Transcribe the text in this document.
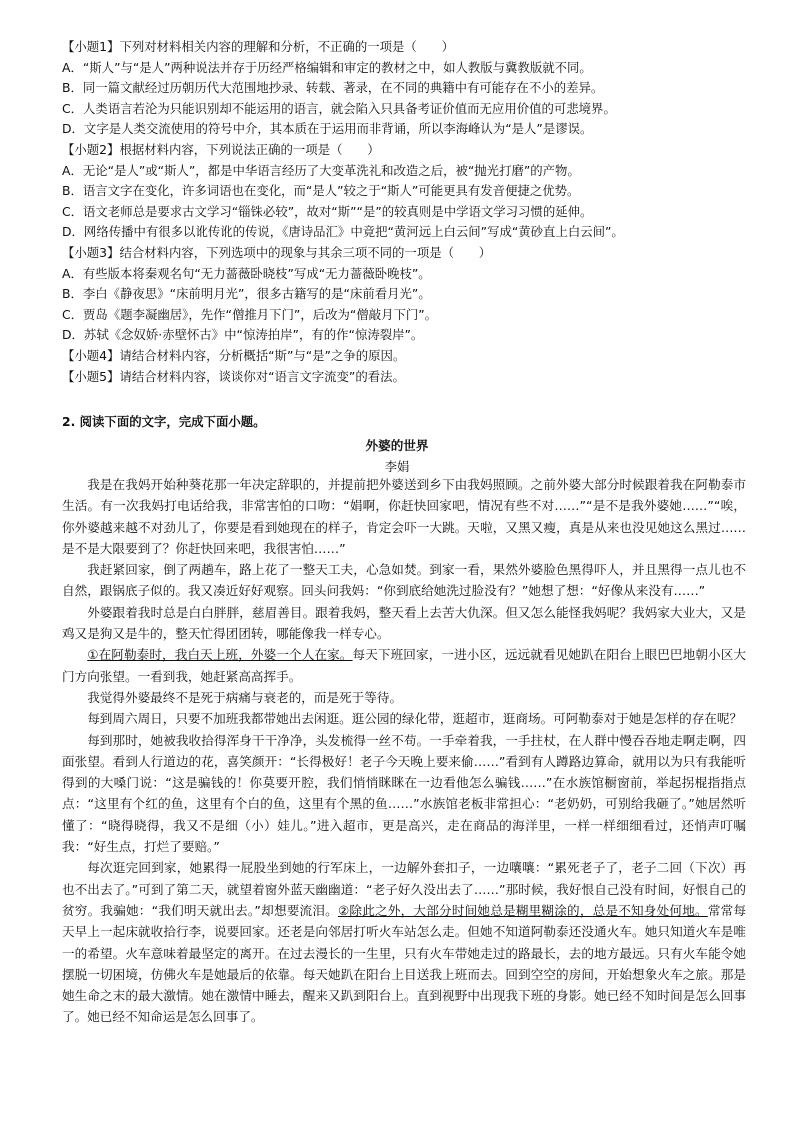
【小题1】下列对材料相关内容的理解和分析，不正确的一项是（　　）
A．“斯人”与“是人”两种说法并存于历经严格编辑和审定的教材之中，如人教版与冀教版就不同。
B．同一篇文献经过历朝历代大范围地抄录、转载、著录，在不同的典籍中有可能存在不小的差异。
C．人类语言若沦为只能识别却不能运用的语言，就会陷入只具备考证价值而无应用价值的可悲境界。
D．文字是人类交流使用的符号中介，其本质在于运用而非背诵，所以李海峰认为“是人”是谬误。
【小题2】根据材料内容，下列说法正确的一项是（　　）
A．无论“是人”或“斯人”，都是中华语言经历了大变革洗礼和改造之后，被“抛光打磨”的产物。
B．语言文字在变化，许多词语也在变化，而“是人”较之于“斯人”可能更具有发音便捷之优势。
C．语文老师总是要求古文学习“锱铢必较”，故对“斯”“是”的较真则是中学语文学习习惯的延伸。
D．网络传播中有很多以讹传讹的传说，《唐诗品汇》中竟把“黄河远上白云间”写成“黄砂直上白云间”。
【小题3】结合材料内容，下列选项中的现象与其余三项不同的一项是（　　）
A．有些版本将秦观名句“无力蔷薇卧晓枝”写成“无力蔷薇卧晚枝”。
B．李白《静夜思》“床前明月光”，很多古籍写的是“床前看月光”。
C．贾岛《题李凝幽居》，先作“僧推月下门”，后改为“僧敲月下门”。
D．苏轼《念奴娇·赤壁怀古》中“惊涛拍岸”，有的作“惊涛裂岸”。
【小题4】请结合材料内容，分析概括“斯”与“是”之争的原因。
【小题5】请结合材料内容，谈谈你对“语言文字流变”的看法。
2. 阅读下面的文字，完成下面小题。
外婆的世界
李娟

我是在我妈开始种葵花那一年决定辞职的，并提前把外婆送到乡下由我妈照顾。之前外婆大部分时候跟着我在阿勒泰市生活。有一次我妈打电话给我，非常害怕的口吻：“娟啊，你赶快回家吧，情况有些不对……”“是不是我外婆她……”“唉，你外婆越来越不对劲儿了，你要是看到她现在的样子，肯定会吓一大跳。天啦，又黑又瘦，真是从来也没见她这么黑过……是不是大限要到了？你赶快回来吧，我很害怕……”

我赶紧回家，倒了两趟车，路上花了一整天工夫，心急如焚。到家一看，果然外婆脸色黑得吓人，并且黑得一点儿也不自然，跟锅底子似的。我又凑近好好观察。回头问我妈：“你到底给她洗过脸没有？”她想了想：“好像从来没有……”

外婆跟着我时总是白白胖胖，慈眉善目。跟着我妈，整天看上去苦大仇深。但又怎么能怪我妈呢？我妈家大业大，又是鸡又是狗又是牛的，整天忙得团团转，哪能像我一样专心。

①在阿勒泰时，我白天上班，外婆一个人在家。每天下班回家，一进小区，远远就看见她趴在阳台上眼巴巴地朝小区大门方向张望。一看到我，她赶紧高高挥手。

我觉得外婆最终不是死于病痛与衰老的，而是死于等待。

每到周六周日，只要不加班我都带她出去闲逛。逛公园的绿化带，逛超市，逛商场。可阿勒泰对于她是怎样的存在呢？

每到那时，她被我收拾得浑身干干净净，头发梳得一丝不苟。一手牵着我，一手拄杖，在人群中慢吞吞地走啊走啊，四面张望。看到人行道边的花，喜笑颜开：“长得极好！老子今天晚上要来偷……”看到有人蹲路边算命，就用以为只有我能听得到的大嗓门说：“这是骗钱的！你莫要开腔，我们悄悄眯眯在一边看他怎么骗钱……”在水族馆橱窗前，举起拐棍指指点点：“这里有个红的鱼，这里有个白的鱼，这里有个黑的鱼……”水族馆老板非常担心：“老奶奶，可别给我砸了。”她居然听懂了：“晓得晓得，我又不是细（小）娃儿。”进入超市，更是高兴，走在商品的海洋里，一样一样细细看过，还悄声叮嘱我：“好生点，打烂了要赔。”

每次逛完回到家，她累得一屁股坐到她的行军床上，一边解外套扣子，一边嚷嚷：“累死老子了，老子二回（下次）再也不出去了。”可到了第二天，就望着窗外蓝天幽幽道：“老子好久没出去了……”那时候，我好恨自己没有时间，好恨自己的贫穷。我骗她：“我们明天就出去。”却想要流泪。②除此之外，大部分时间她总是糊里糊涂的，总是不知身处何地。常常每天早上一起床就收拾行李，说要回家。还老是向邻居打听火车站怎么走。但她不知道阿勒泰还没通火车。她只知道火车是唯一的希望。火车意味着最坚定的离开。在过去漫长的一生里，只有火车带她走过的路最长，去的地方最远。只有火车能令她摆脱一切困境，仿佛火车是她最后的依靠。每天她趴在阳台上目送我上班而去。回到空空的房间，开始想象火车之旅。那是她生命之末的最大激情。她在激情中睡去，醒来又趴到阳台上。直到视野中出现我下班的身影。她已经不知时间是怎么回事了。她已经不知命运是怎么回事了。
